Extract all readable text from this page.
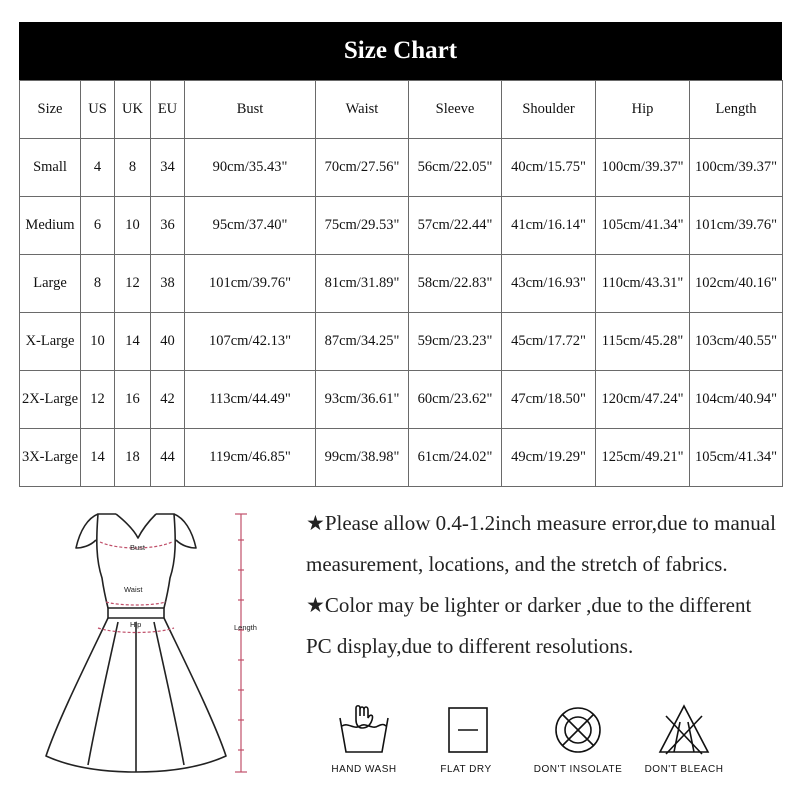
Size Chart
Size	US	UK	EU	Bust	Waist	Sleeve	Shoulder	Hip	Length
Small	4	8	34	90cm/35.43"	70cm/27.56"	56cm/22.05"	40cm/15.75"	100cm/39.37"	100cm/39.37"
Medium	6	10	36	95cm/37.40"	75cm/29.53"	57cm/22.44"	41cm/16.14"	105cm/41.34"	101cm/39.76"
Large	8	12	38	101cm/39.76"	81cm/31.89"	58cm/22.83"	43cm/16.93"	110cm/43.31"	102cm/40.16"
X-Large	10	14	40	107cm/42.13"	87cm/34.25"	59cm/23.23"	45cm/17.72"	115cm/45.28"	103cm/40.55"
2X-Large	12	16	42	113cm/44.49"	93cm/36.61"	60cm/23.62"	47cm/18.50"	120cm/47.24"	104cm/40.94"
3X-Large	14	18	44	119cm/46.85"	99cm/38.98"	61cm/24.02"	49cm/19.29"	125cm/49.21"	105cm/41.34"
Bust
Waist
Hip	Length

★Please allow 0.4-1.2inch measure error,due to manual measurement, locations, and the stretch of fabrics.

★Color may be lighter or darker ,due to the different PC display,due to different resolutions.

HAND WASH	FLAT DRY	DON'T INSOLATE	DON'T BLEACH
